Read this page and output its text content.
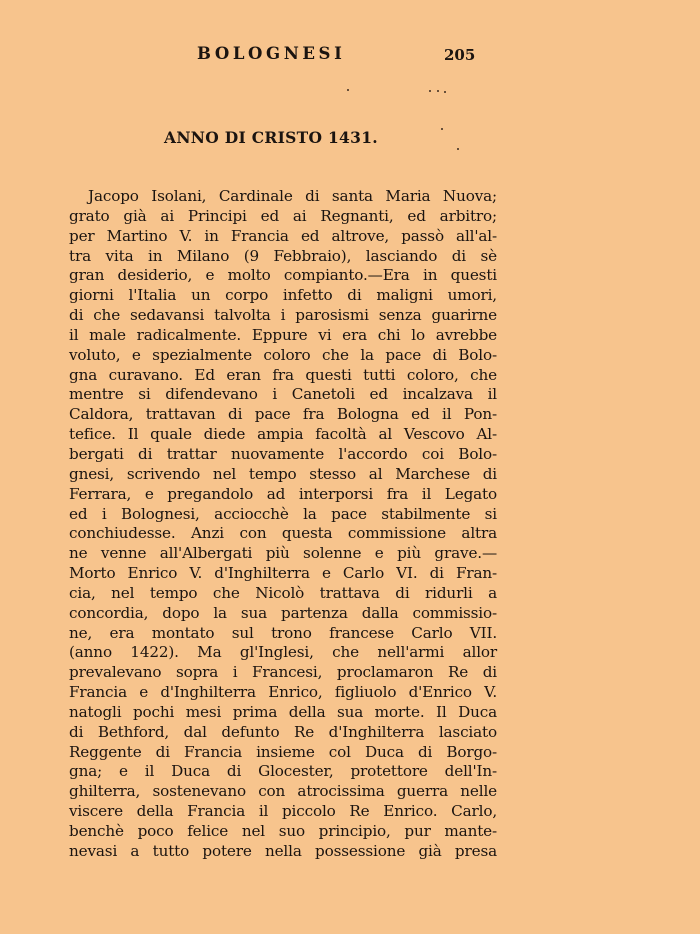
BOLOGNESI	205
ANNO DI CRISTO 1431.
Jacopo Isolani, Cardinale di santa Maria Nuova;
grato già ai Principi ed ai Regnanti, ed arbitro;
per Martino V. in Francia ed altrove, passò all'al-
tra vita in Milano (9 Febbraio), lasciando di sè
gran desiderio, e molto compianto.—Era in questi
giorni l'Italia un corpo infetto di maligni umori,
di che sedavansi talvolta i parosismi senza guarirne
il male radicalmente. Eppure vi era chi lo avrebbe
voluto, e spezialmente coloro che la pace di Bolo-
gna curavano. Ed eran fra questi tutti coloro, che
mentre si difendevano i Canetoli ed incalzava il
Caldora, trattavan di pace fra Bologna ed il Pon-
tefice. Il quale diede ampia facoltà al Vescovo Al-
bergati di trattar nuovamente l'accordo coi Bolo-
gnesi, scrivendo nel tempo stesso al Marchese di
Ferrara, e pregandolo ad interporsi fra il Legato
ed i Bolognesi, acciocchè la pace stabilmente si
conchiudesse. Anzi con questa commissione altra
ne venne all'Albergati più solenne e più grave.—
Morto Enrico V. d'Inghilterra e Carlo VI. di Fran-
cia, nel tempo che Nicolò trattava di ridurli a
concordia, dopo la sua partenza dalla commissio-
ne, era montato sul trono francese Carlo VII.
(anno 1422). Ma gl'Inglesi, che nell'armi allor
prevalevano sopra i Francesi, proclamaron Re di
Francia e d'Inghilterra Enrico, figliuolo d'Enrico V.
natogli pochi mesi prima della sua morte. Il Duca
di Bethford, dal defunto Re d'Inghilterra lasciato
Reggente di Francia insieme col Duca di Borgo-
gna; e il Duca di Glocester, protettore dell'In-
ghilterra, sostenevano con atrocissima guerra nelle
viscere della Francia il piccolo Re Enrico. Carlo,
benchè poco felice nel suo principio, pur mante-
nevasi a tutto potere nella possessione già presa
